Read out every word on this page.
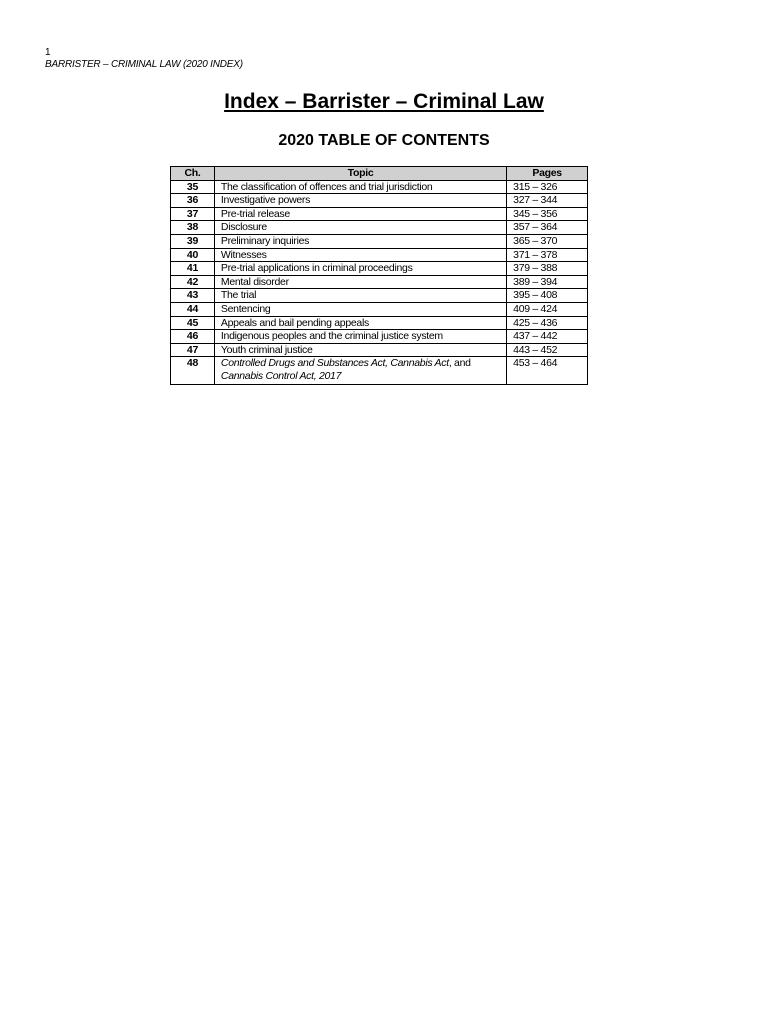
1
BARRISTER – CRIMINAL LAW (2020 INDEX)
Index – Barrister – Criminal Law
2020 TABLE OF CONTENTS
Ch.	Topic	Pages
35	The classification of offences and trial jurisdiction	315 – 326
36	Investigative powers	327 – 344
37	Pre-trial release	345 – 356
38	Disclosure	357 – 364
39	Preliminary inquiries	365 – 370
40	Witnesses	371 – 378
41	Pre-trial applications in criminal proceedings	379 – 388
42	Mental disorder	389 – 394
43	The trial	395 – 408
44	Sentencing	409 – 424
45	Appeals and bail pending appeals	425 – 436
46	Indigenous peoples and the criminal justice system	437 – 442
47	Youth criminal justice	443 – 452
48	Controlled Drugs and Substances Act, Cannabis Act, and
Cannabis Control Act, 2017	453 – 464
